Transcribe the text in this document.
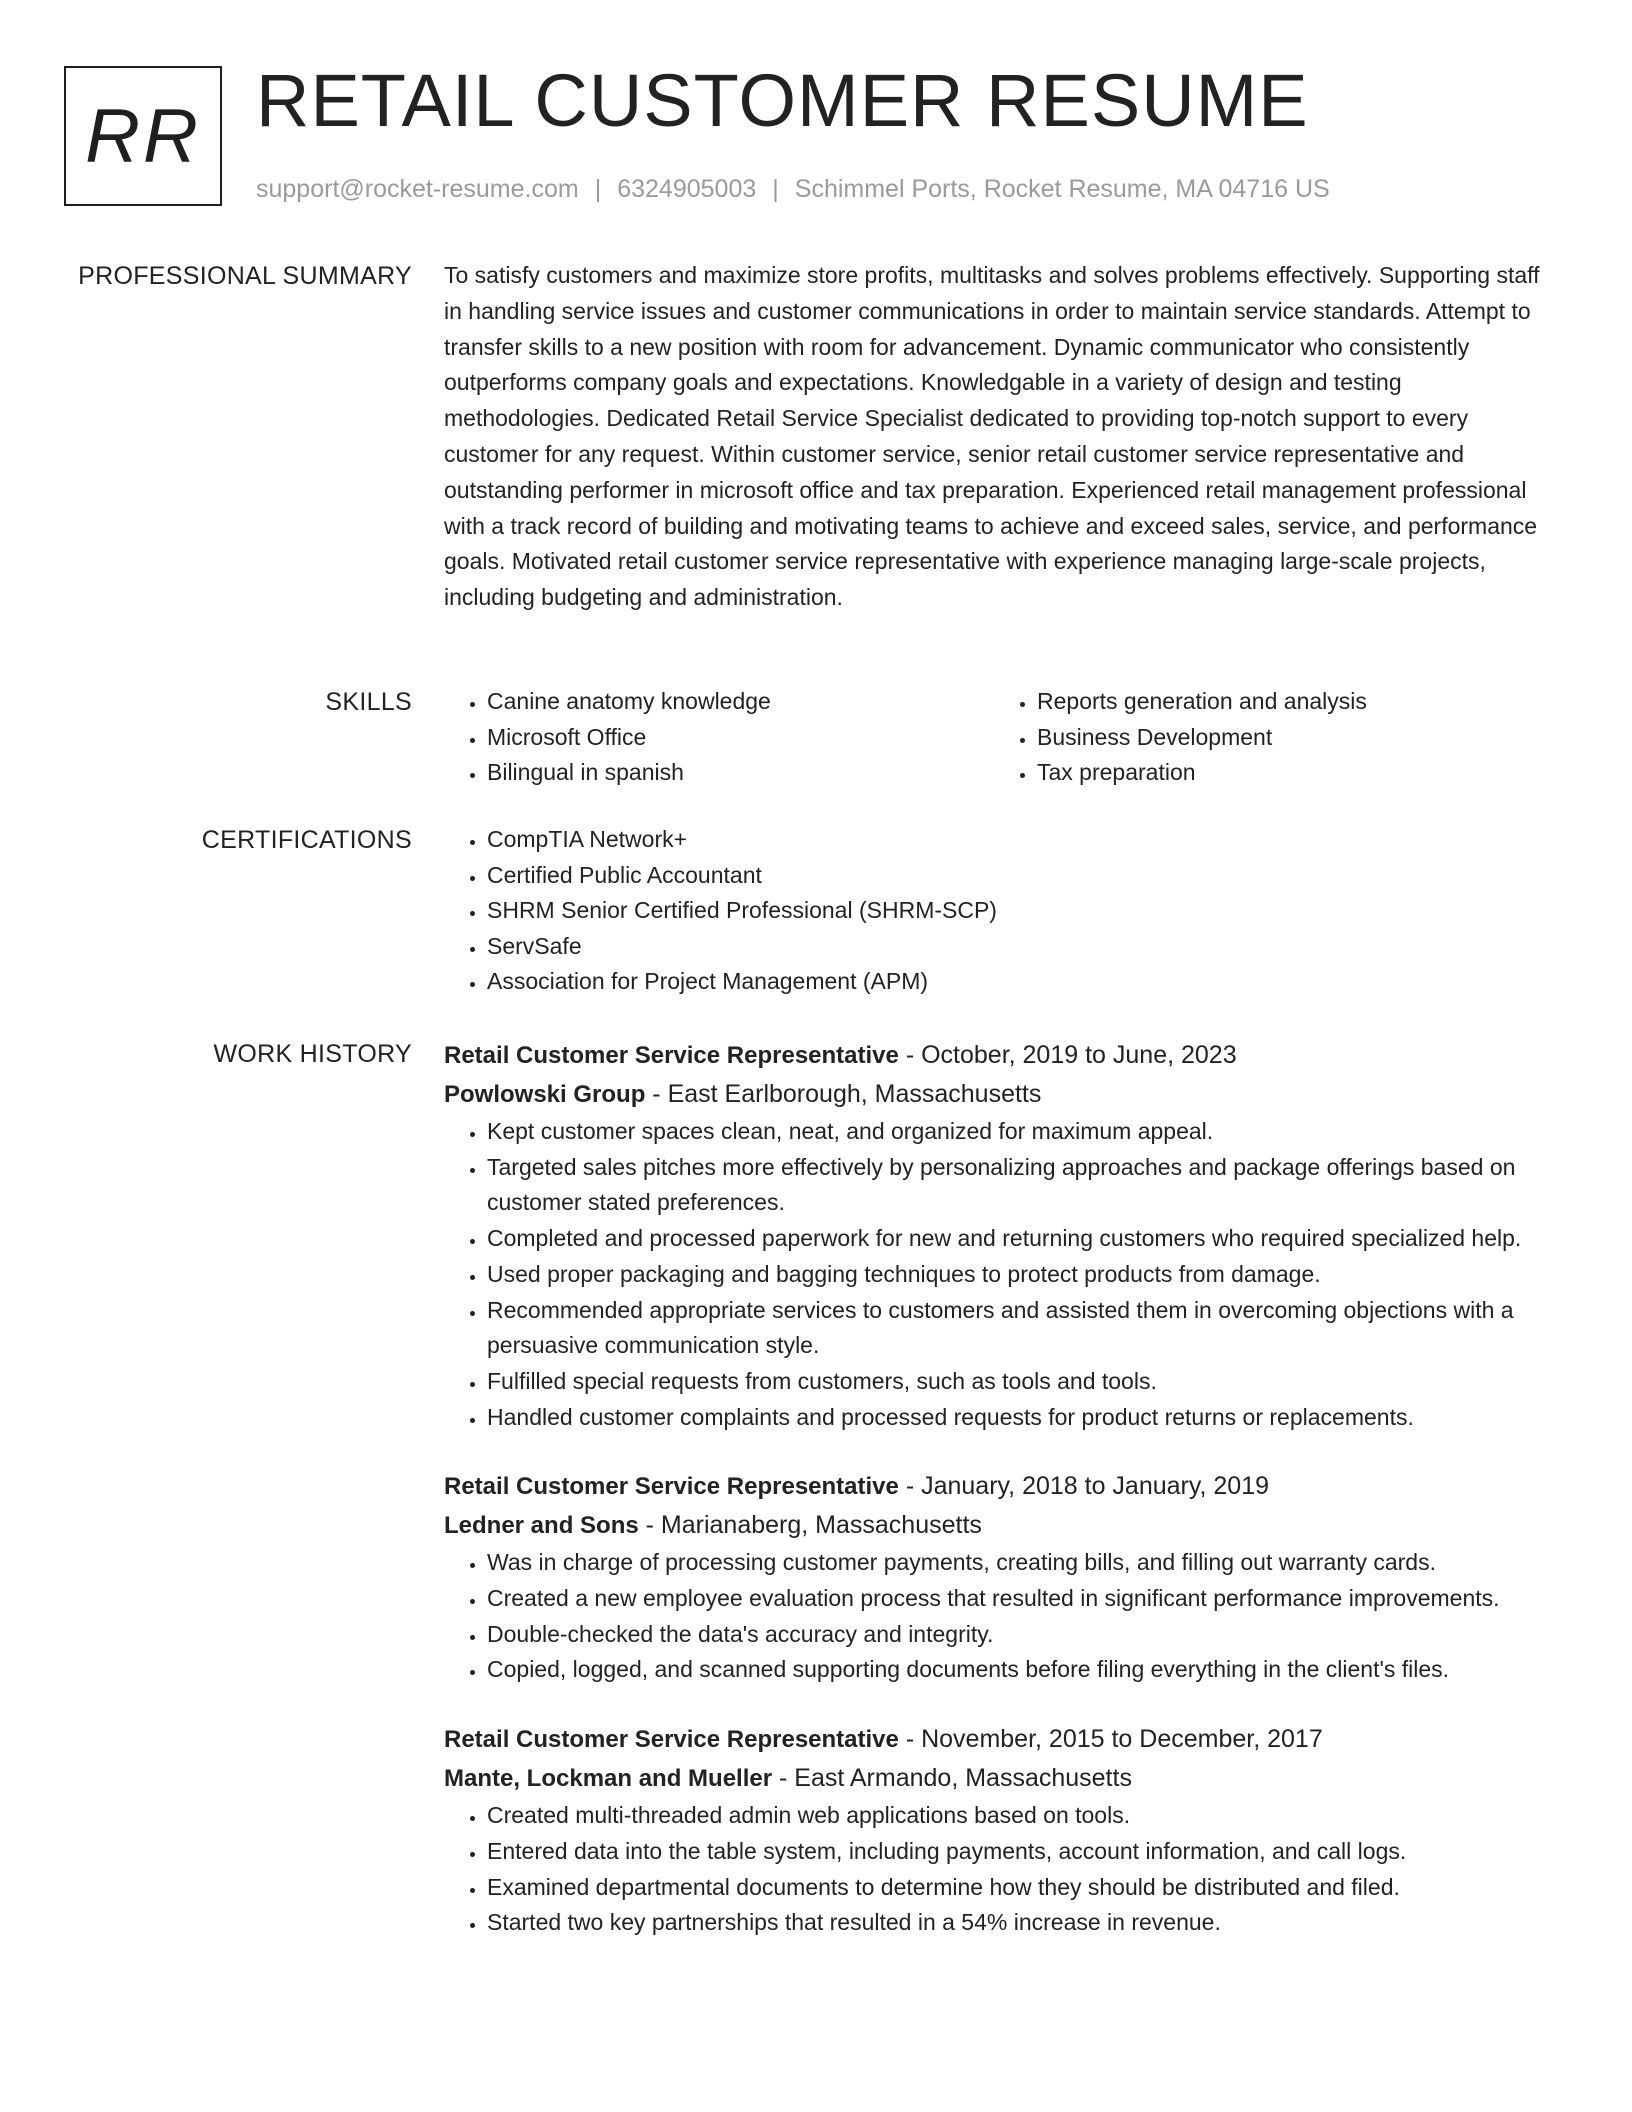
RR RETAIL CUSTOMER RESUME
support@rocket-resume.com | 6324905003 | Schimmel Ports, Rocket Resume, MA 04716 US
PROFESSIONAL SUMMARY To satisfy customers and maximize store profits, multitasks and solves problems effectively. Supporting staff in handling service issues and customer communications in order to maintain service standards. Attempt to transfer skills to a new position with room for advancement. Dynamic communicator who consistently outperforms company goals and expectations. Knowledgable in a variety of design and testing methodologies. Dedicated Retail Service Specialist dedicated to providing top-notch support to every customer for any request. Within customer service, senior retail customer service representative and outstanding performer in microsoft office and tax preparation. Experienced retail management professional with a track record of building and motivating teams to achieve and exceed sales, service, and performance goals. Motivated retail customer service representative with experience managing large-scale projects, including budgeting and administration.

SKILLS	• Canine anatomy knowledge
• Microsoft Office
• Bilingual in spanish
• Reports generation and analysis
• Business Development
• Tax preparation
CERTIFICATIONS	• CompTIA Network+
• Certified Public Accountant
• SHRM Senior Certified Professional (SHRM-SCP)
• ServSafe
• Association for Project Management (APM)
WORK HISTORY Retail Customer Service Representative - October, 2019 to June, 2023
Powlowski Group - East Earlborough, Massachusetts
• Kept customer spaces clean, neat, and organized for maximum appeal.
• Targeted sales pitches more effectively by personalizing approaches and package offerings based on customer stated preferences.
• Completed and processed paperwork for new and returning customers who required specialized help.
• Used proper packaging and bagging techniques to protect products from damage.
• Recommended appropriate services to customers and assisted them in overcoming objections with a persuasive communication style.
• Fulfilled special requests from customers, such as tools and tools.
• Handled customer complaints and processed requests for product returns or replacements.
Retail Customer Service Representative - January, 2018 to January, 2019
Ledner and Sons - Marianaberg, Massachusetts
• Was in charge of processing customer payments, creating bills, and filling out warranty cards.
• Created a new employee evaluation process that resulted in significant performance improvements.
• Double-checked the data's accuracy and integrity.
• Copied, logged, and scanned supporting documents before filing everything in the client's files.
Retail Customer Service Representative - November, 2015 to December, 2017
Mante, Lockman and Mueller - East Armando, Massachusetts
• Created multi-threaded admin web applications based on tools.
• Entered data into the table system, including payments, account information, and call logs.
• Examined departmental documents to determine how they should be distributed and filed.
• Started two key partnerships that resulted in a 54% increase in revenue.
